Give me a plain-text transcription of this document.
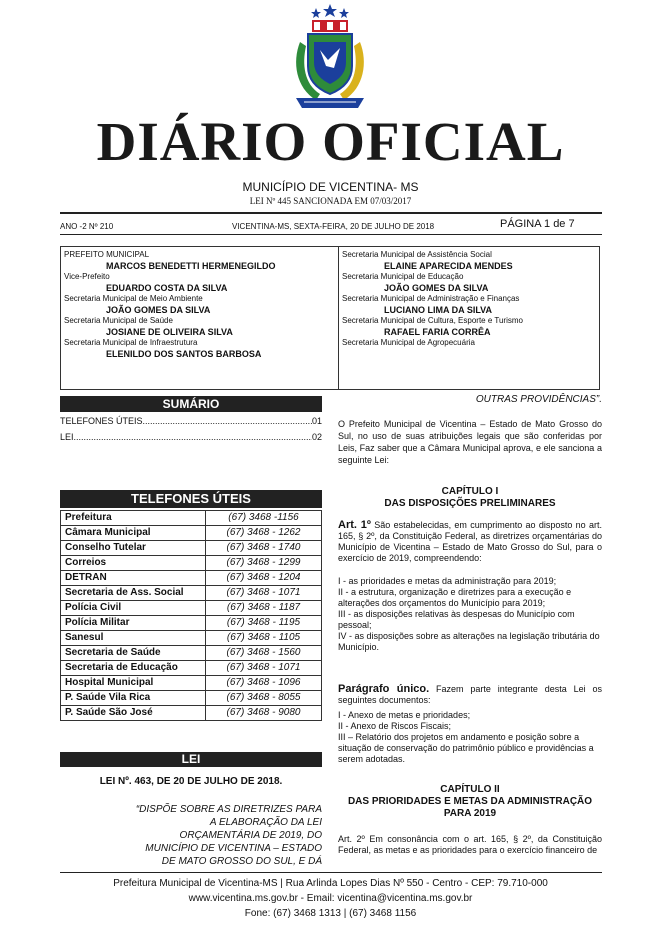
DIÁRIO OFICIAL
MUNICÍPIO DE VICENTINA- MS
LEI Nº 445 SANCIONADA EM 07/03/2017
ANO -2 Nº 210	VICENTINA-MS, SEXTA-FEIRA, 20 DE JULHO DE 2018	PÁGINA 1 de 7
PREFEITO MUNICIPAL
MARCOS BENEDETTI HERMENEGILDO
Vice-Prefeito
EDUARDO COSTA DA SILVA
Secretaria Municipal de Meio Ambiente
JOÃO GOMES DA SILVA
Secretaria Municipal de Saúde
JOSIANE DE OLIVEIRA SILVA
Secretaria Municipal de Infraestrutura
ELENILDO DOS SANTOS BARBOSA
Secretaria Municipal de Assistência Social
ELAINE APARECIDA MENDES
Secretaria Municipal de Educação
JOÃO GOMES DA SILVA
Secretaria Municipal de Administração e Finanças
LUCIANO LIMA DA SILVA
Secretaria Municipal de Cultura, Esporte e Turismo
RAFAEL FARIA CORRÊA
Secretaria Municipal de Agropecuária
SUMÁRIO
TELEFONES ÚTEIS .....	01
LEI .....	02
TELEFONES ÚTEIS
Prefeitura	(67) 3468 -1156
Câmara Municipal	(67) 3468 - 1262
Conselho Tutelar	(67) 3468 - 1740
Correios	(67) 3468 - 1299
DETRAN	(67) 3468 - 1204
Secretaria de Ass. Social	(67) 3468 - 1071
Polícia Civil	(67) 3468 - 1187
Polícia Militar	(67) 3468 - 1195
Sanesul	(67) 3468 - 1105
Secretaria de Saúde	(67) 3468 - 1560
Secretaria de Educação	(67) 3468 - 1071
Hospital Municipal	(67) 3468 - 1096
P. Saúde Vila Rica	(67) 3468 - 8055
P. Saúde São José	(67) 3468 - 9080
LEI
LEI Nº. 463, DE 20 DE JULHO DE 2018.
“DISPÕE SOBRE AS DIRETRIZES PARA A ELABORAÇÃO DA LEI ORÇAMENTÁRIA DE 2019, DO MUNICÍPIO DE VICENTINA – ESTADO DE MATO GROSSO DO SUL, E DÁ
OUTRAS PROVIDÊNCIAS”.
O Prefeito Municipal de Vicentina – Estado de Mato Grosso do Sul, no uso de suas atribuições legais que são conferidas por Leis, Faz saber que a Câmara Municipal aprova, e ele sanciona a seguinte Lei:
CAPÍTULO I
DAS DISPOSIÇÕES PRELIMINARES
Art. 1º São estabelecidas, em cumprimento ao disposto no art. 165, § 2º, da Constituição Federal, as diretrizes orçamentárias do Município de Vicentina – Estado de Mato Grosso do Sul, para o exercício de 2019, compreendendo:
I - as prioridades e metas da administração para 2019;
II - a estrutura, organização e diretrizes para a execução e alterações dos orçamentos do Município para 2019;
III - as disposições relativas às despesas do Município com pessoal;
IV - as disposições sobre as alterações na legislação tributária do Município.
Parágrafo único. Fazem parte integrante desta Lei os seguintes documentos:
I - Anexo de metas e prioridades;
II - Anexo de Riscos Fiscais;
III – Relatório dos projetos em andamento e posição sobre a situação de conservação do patrimônio público e providências a serem adotadas.
CAPÍTULO II
DAS PRIORIDADES E METAS DA ADMINISTRAÇÃO PARA 2019
Art. 2º Em consonância com o art. 165, § 2º, da Constituição Federal, as metas e as prioridades para o exercício financeiro de
Prefeitura Municipal de Vicentina-MS | Rua Arlinda Lopes Dias Nº 550 - Centro - CEP: 79.710-000
www.vicentina.ms.gov.br - Email: vicentina@vicentina.ms.gov.br
Fone: (67) 3468 1313 | (67) 3468 1156
